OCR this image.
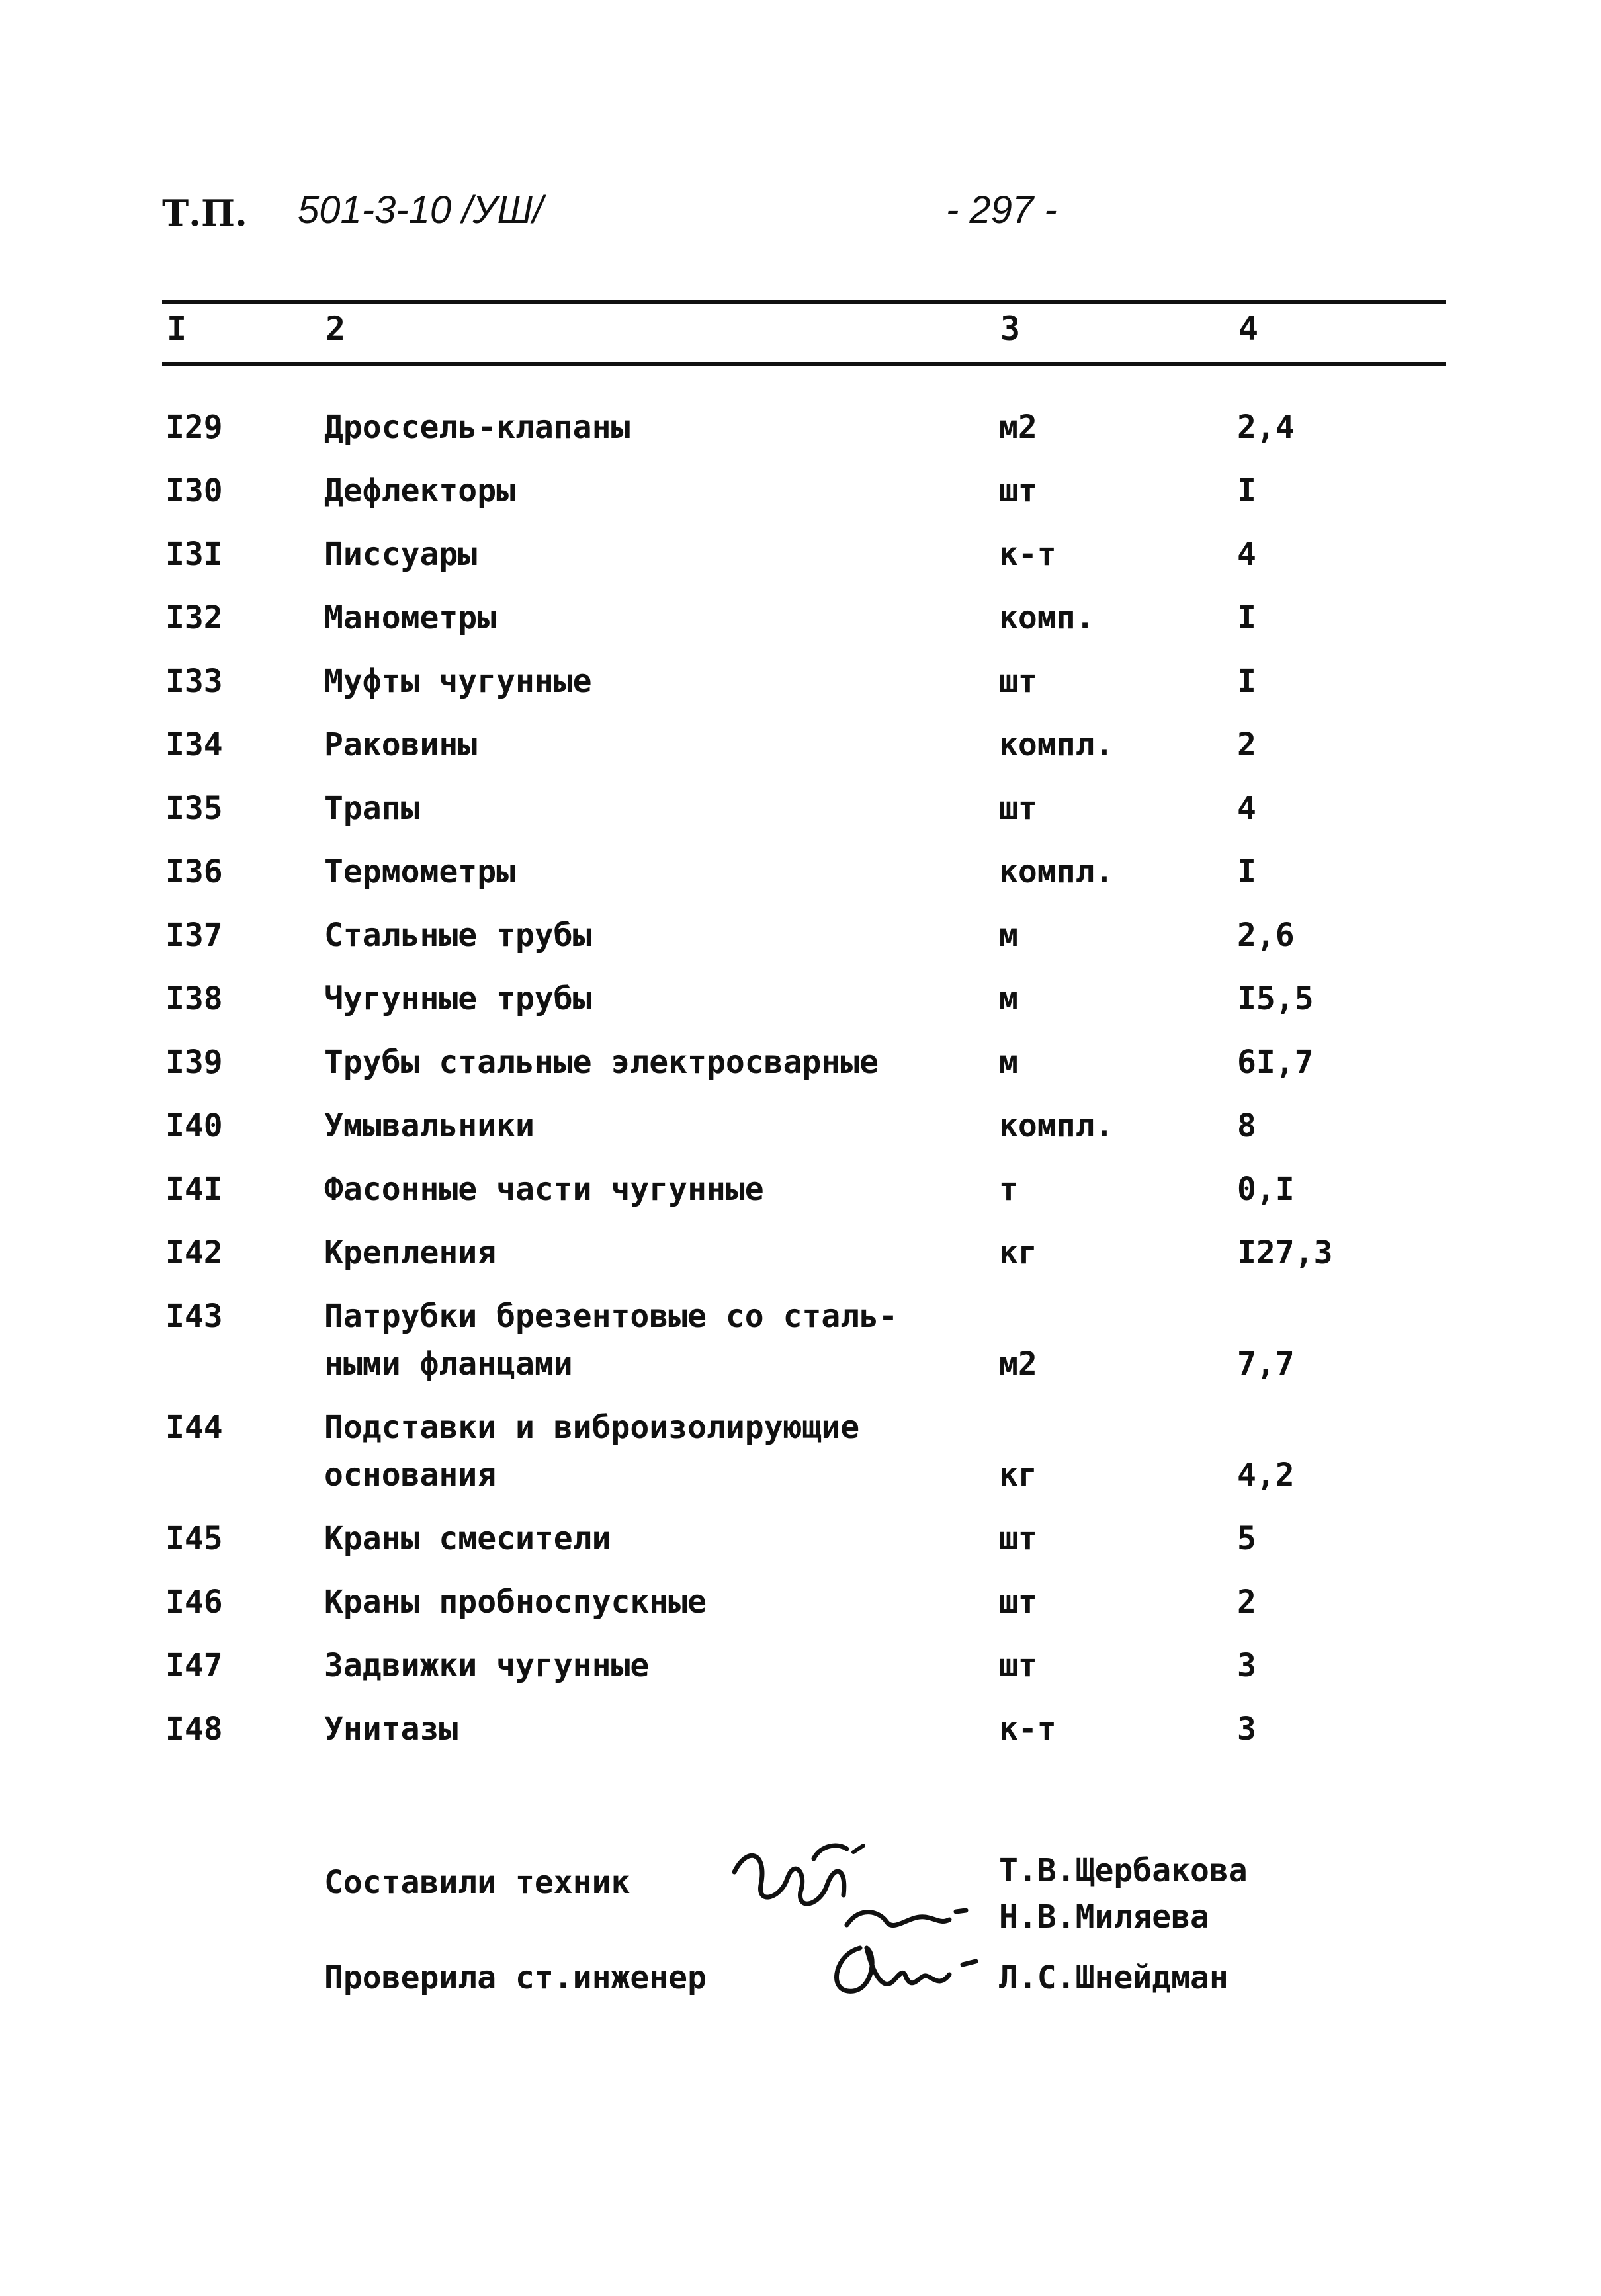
Т.П. 501-3-10 /УШ/	- 297 -
I	2	3	4
I29	Дроссель-клапаны	м2	2,4
I30	Дефлекторы	шт	I
I3I	Писсуары	к-т	4
I32	Манометры	комп.	I
I33	Муфты чугунные	шт	I
I34	Раковины	компл.	2
I35	Трапы	шт	4
I36	Термометры	компл.	I
I37	Стальные трубы	м	2,6
I38	Чугунные трубы	м	I5,5
I39	Трубы стальные электросварные	м	6I,7
I40	Умывальники	компл.	8
I4I	Фасонные части чугунные	т	0,I
I42	Крепления	кг	I27,3
I43	Патрубки брезентовые со сталь-
ными фланцами	м2	7,7
I44	Подставки и виброизолирующие
основания	кг	4,2
I45	Краны смесители	шт	5
I46	Краны пробноспускные	шт	2
I47	Задвижки чугунные	шт	3
I48	Унитазы	к-т	3
Составили техник	Т.В.Щербакова
Н.В.Миляева
Проверила ст.инженер	Л.С.Шнейдман
